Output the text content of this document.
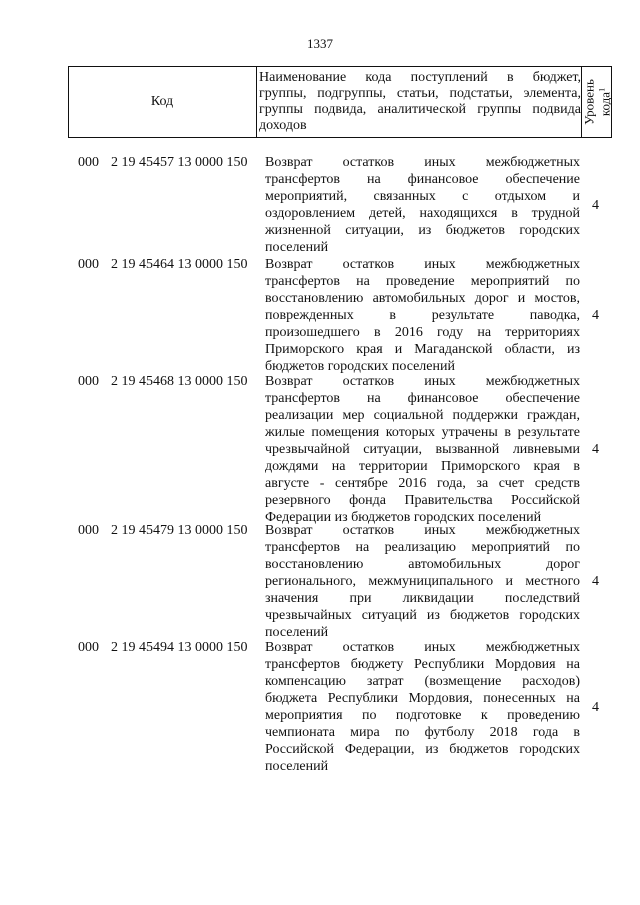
1337
Код
Наименование кода поступлений в бюджет,
группы, подгруппы, статьи, подстатьи, элемента,
группы подвида, аналитической группы подвида
доходов
Уровень кода$^1$
000 2 19 45457 13 0000 150 Возврат остатков иных межбюджетных
трансфертов на финансовое обеспечение
мероприятий, связанных с отдыхом и
оздоровлением детей, находящихся в трудной
жизненной ситуации, из бюджетов городских
поселений
4
000 2 19 45464 13 0000 150 Возврат остатков иных межбюджетных
трансфертов на проведение мероприятий по
восстановлению автомобильных дорог и мостов,
поврежденных в результате паводка,
произошедшего в 2016 году на территориях
Приморского края и Магаданской области, из
бюджетов городских поселений
4
000 2 19 45468 13 0000 150 Возврат остатков иных межбюджетных
трансфертов на финансовое обеспечение
реализации мер социальной поддержки граждан,
жилые помещения которых утрачены в результате
чрезвычайной ситуации, вызванной ливневыми
дождями на территории Приморского края в
августе - сентябре 2016 года, за счет средств
резервного фонда Правительства Российской
Федерации из бюджетов городских поселений
4
000 2 19 45479 13 0000 150 Возврат остатков иных межбюджетных
трансфертов на реализацию мероприятий по
восстановлению автомобильных дорог
регионального, межмуниципального и местного
значения при ликвидации последствий
чрезвычайных ситуаций из бюджетов городских
поселений
4
000 2 19 45494 13 0000 150 Возврат остатков иных межбюджетных
трансфертов бюджету Республики Мордовия на
компенсацию затрат (возмещение расходов)
бюджета Республики Мордовия, понесенных на
мероприятия по подготовке к проведению
чемпионата мира по футболу 2018 года в
Российской Федерации, из бюджетов городских
поселений
4
